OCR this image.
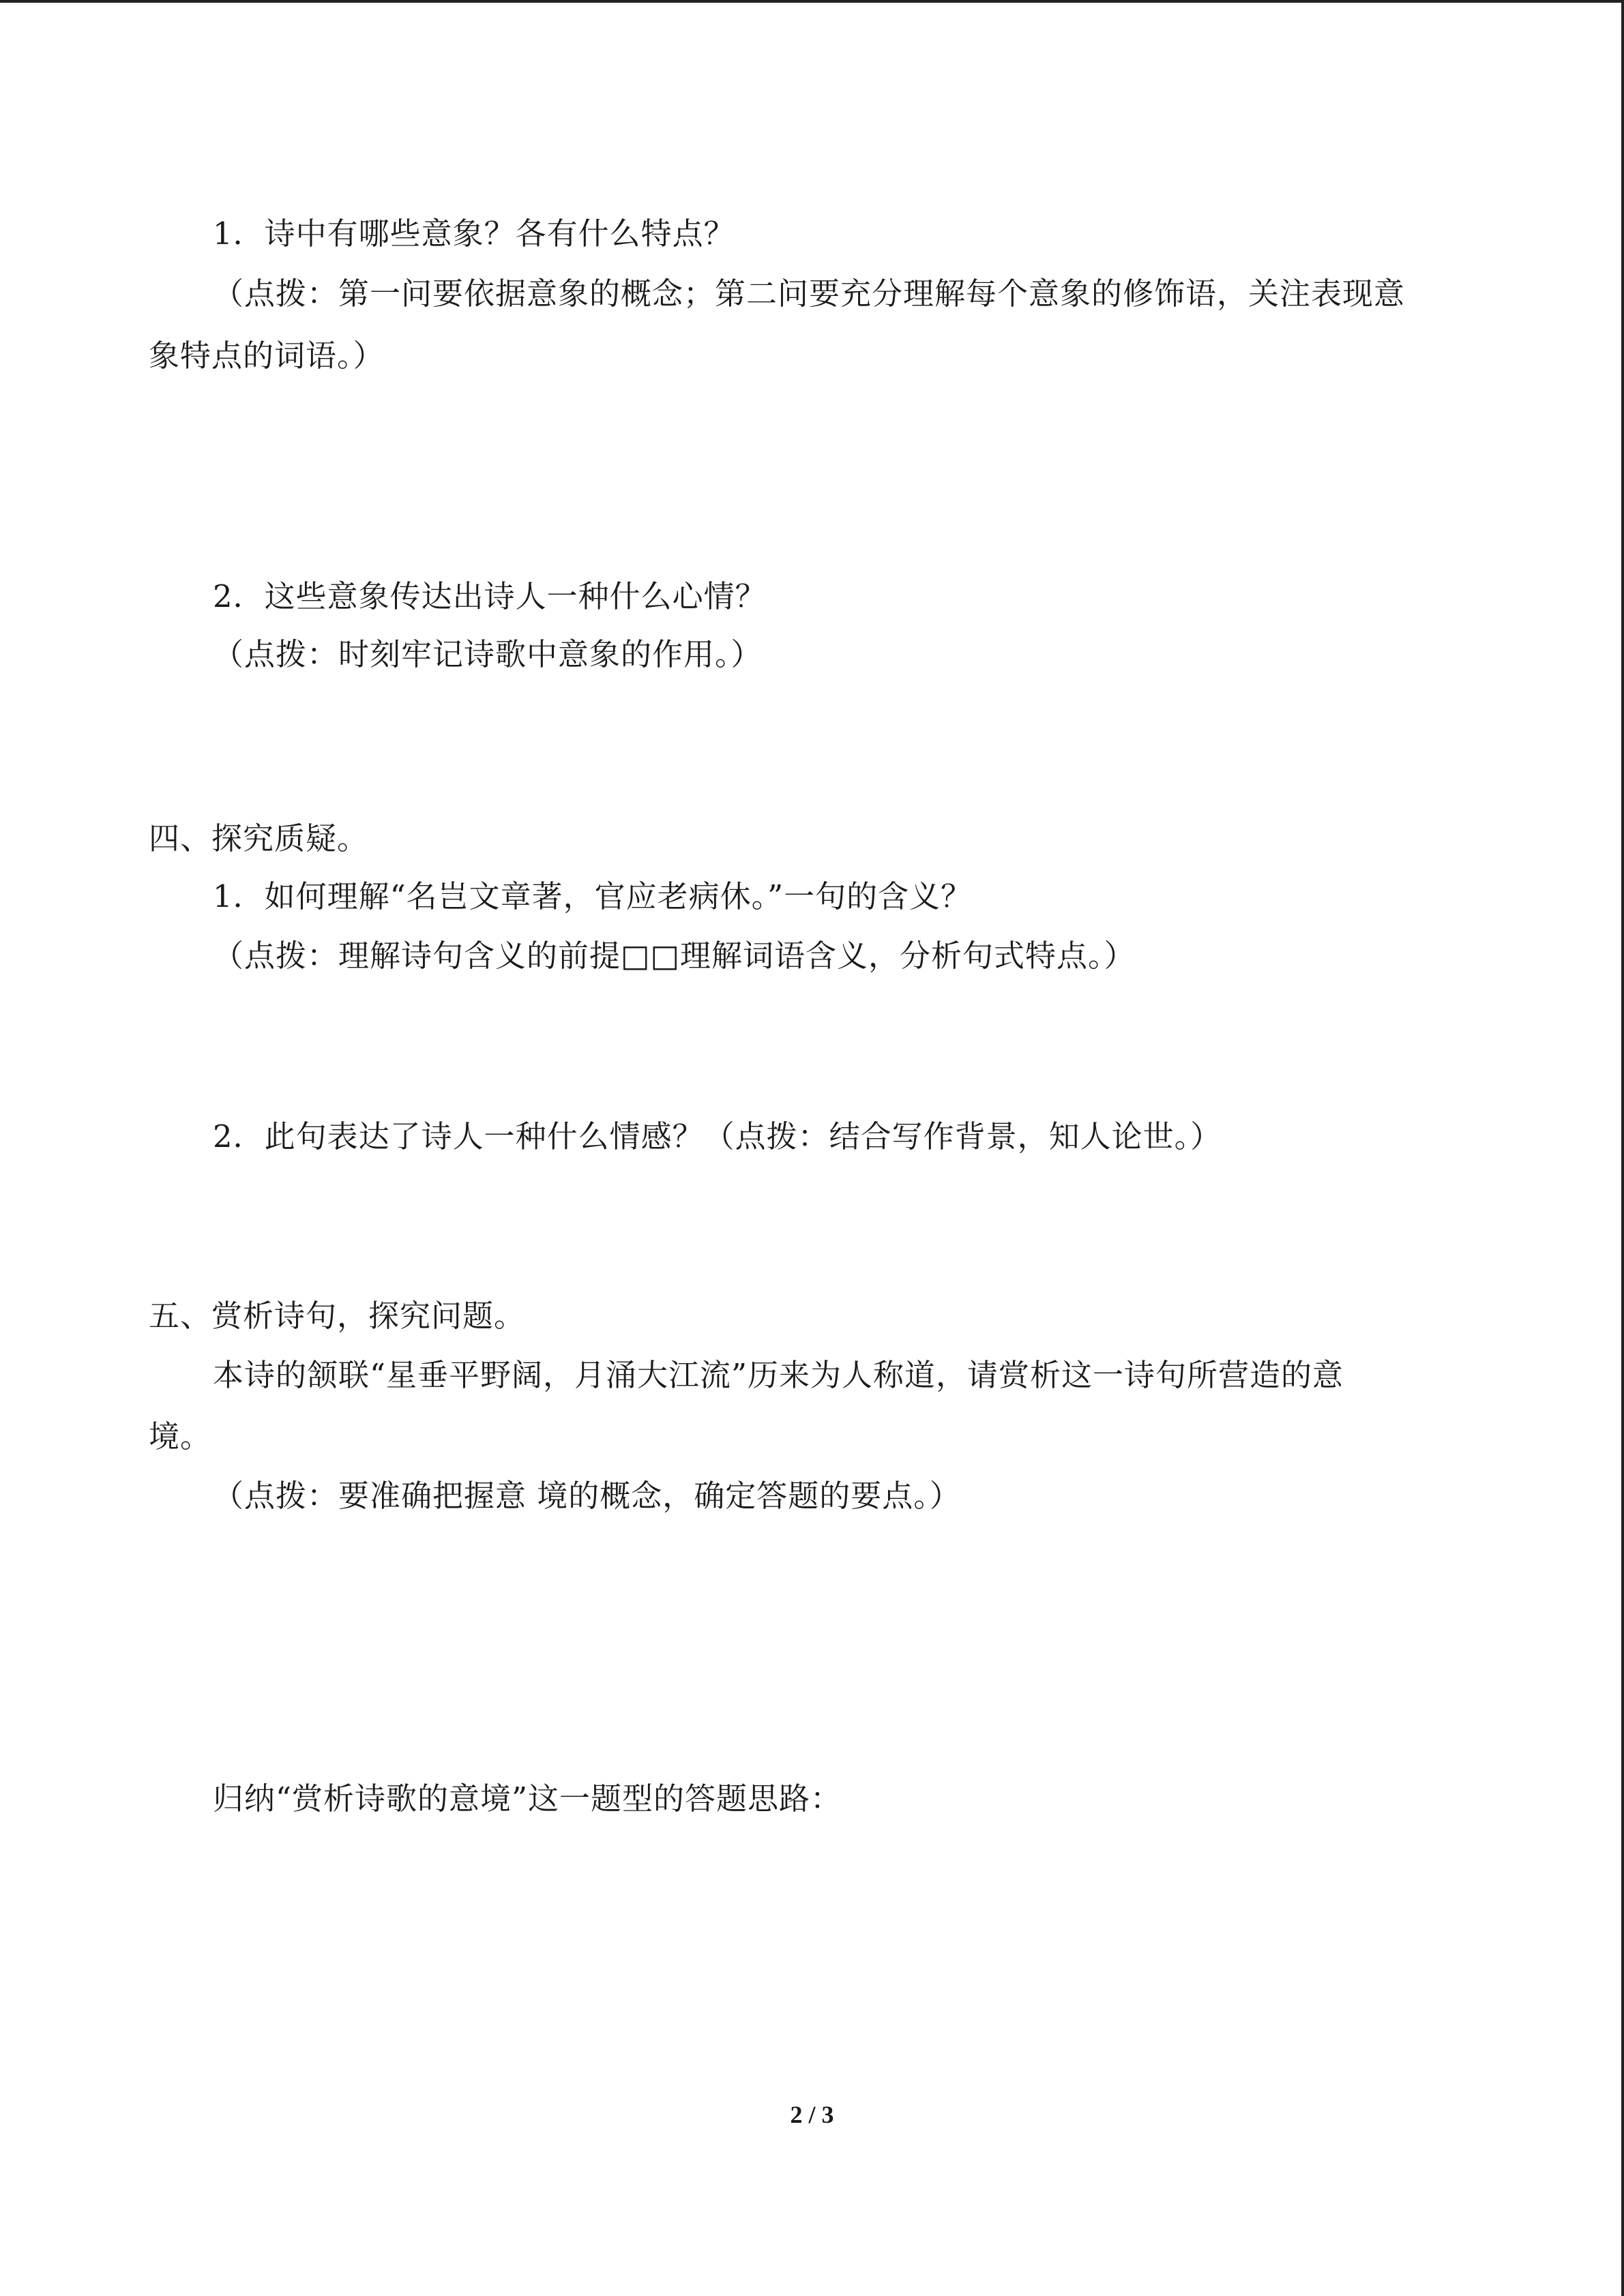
1．诗中有哪些意象？各有什么特点？
（点拨：第一问要依据意象的概念；第二问要充分理解每个意象的修饰语，关注表现意
象特点的词语。）
2．这些意象传达出诗人一种什么心情？
（点拨：时刻牢记诗歌中意象的作用。）
四、探究质疑。
1．如何理解“名岂文章著，官应老病休。”一句的含义？
（点拨：理解诗句含义的前提□□理解词语含义，分析句式特点。）
2．此句表达了诗人一种什么情感？（点拨：结合写作背景，知人论世。）
五、赏析诗句，探究问题。
本诗的颔联“星垂平野阔，月涌大江流”历来为人称道，请赏析这一诗句所营造的意
境。
（点拨：要准确把握意 境的概念，确定答题的要点。）
归纳“赏析诗歌的意境”这一题型的答题思路：
2 / 3
